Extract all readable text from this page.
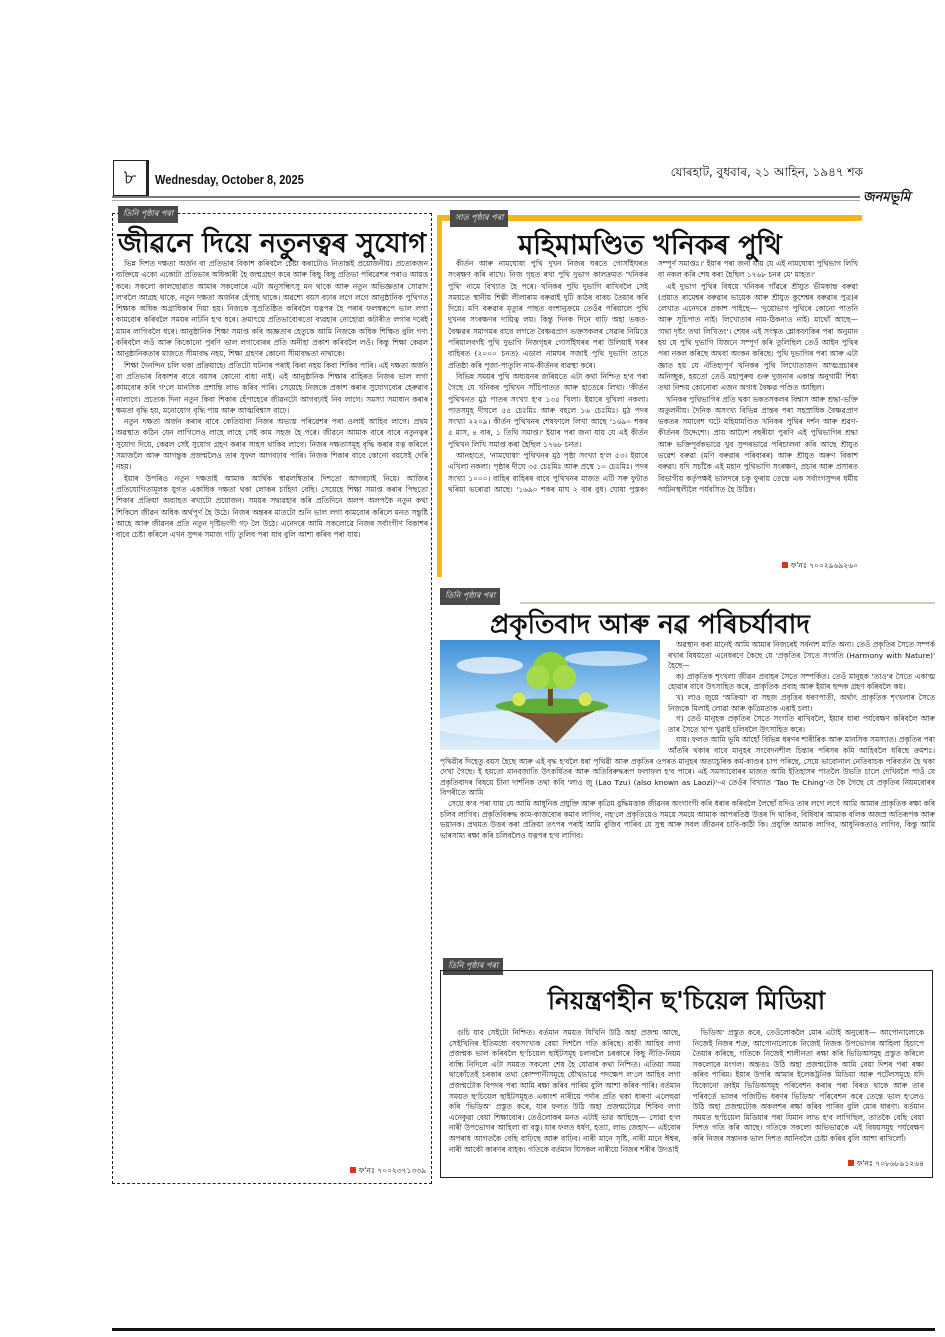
৮	Wednesday, October 8, 2025	যোৰহাট, বুধবাৰ, ২১ আহিন, ১৯৪৭ শক
জনমভূমি
তিনি পৃষ্ঠাৰ পৰা
জীৱনে দিয়ে নতুনত্বৰ সুযোগ

ভিন্ন দিশত দক্ষতা অৰ্জন বা প্ৰতিভাৰ বিকাশ কৰিবলৈ চেষ্টা কৰাটোও নিতান্তই প্ৰয়োজনীয়। প্ৰত্যেকজন ব্যক্তিয়ে একো একোটা প্ৰতিভাৰ অধিকাৰী হৈ জন্মগ্ৰহণ কৰে আৰু কিছু কিছু প্ৰতিভা পৰিৱেশৰ পৰাও আয়ত্ত কৰে। সকলো কালছোৱাত আমাৰ সকলোৰে এটা অনুসন্ধিৎসু মন থাকে আৰু নতুন অভিজ্ঞতাৰ সোৱাদ ল'বলৈ আগ্ৰহ থাকে, নতুন দক্ষতা অৰ্জনৰ হেঁপাহ থাকে। অৱশ্যে বয়স বঢ়াৰ লগে লগে আনুষ্ঠানিক পুথিগত শিক্ষাক অধিক অগ্ৰাধিকাৰ দিয়া হয়। নিজকে সুপ্ৰতিষ্ঠিত কৰিবলৈ যত্নপৰ হৈ পৰাৰ ফলস্বৰূপে ভাল লগা কামবোৰ কৰিবলৈ সময়ৰ নাটনি হ'ব ধৰে। ক্ৰমাৎয়ে প্ৰতিভাবোৰতো ব্যৱহাৰ নোহোৱা কটাৰীত লগাৰ দৰেই মামৰ লাগিবলৈ ধৰে। আনুষ্ঠানিক শিক্ষা সমাপ্ত কৰি অজ্ঞতাৰ হেতুকে আমি নিজকে অধিক শিক্ষিত বুলি গণ্য কৰিবলৈ লওঁ আৰু কিকোনো পুৰণি ভাল লগাবোৰৰ প্ৰতি অনীহা প্ৰকাশ কৰিবলৈ লওঁ। কিন্তু শিক্ষা কেৱল আনুষ্ঠানিকতাৰ মাজতে সীমাবদ্ধ নহয়, শিক্ষা গ্ৰহণৰ কোনো সীমাবদ্ধতা নাথাকে।

শিক্ষা দৈনন্দিন চলি থকা প্ৰক্ৰিয়াহে। প্ৰতিটো ঘটনাৰ পৰাই কিবা নহয় কিবা শিকিব পাৰি। এই দক্ষতা অৰ্জন বা প্ৰতিভাৰ বিকাশৰ বাবে বয়সৰ কোনো বাধা নাই। এই আনুষ্ঠানিক শিক্ষাৰ বাহিৰত নিজৰ ভাল লগা কামবোৰ কৰি গ'লে মানসিক প্ৰশান্তি লাভ কৰিব পাৰি। সেয়েহে নিজকে প্ৰকাশ কৰাৰ সুযোগবোৰ হেৰুৱাব নালাগে। প্ৰত্যেক দিনা নতুন কিবা শিকাৰ হেঁপাহেৰে জীৱনটো আগবঢ়াই নিব লাগে। সমস্যা সমাধান কৰাৰ ক্ষমতা বৃদ্ধি হয়, মনোযোগ বৃদ্ধি পায় আৰু আত্মবিশ্বাস বাঢ়ে।

নতুন দক্ষতা অৰ্জন কৰাৰ বাবে কেতিয়াবা নিজৰ অভ্যস্ত পৰিৱেশৰ পৰা ওলাই আহিব লাগে। প্ৰথম অৱস্থাত কঠিন যেন লাগিলেও লাহে লাহে সেই কাম সহজ হৈ পৰে। জীৱনে আমাক বাৰে বাৰে নতুনত্বৰ সুযোগ দিয়ে, কেৱল সেই সুযোগ গ্ৰহণ কৰাৰ সাহস থাকিব লাগে। নিজৰ দক্ষতাসমূহ বৃদ্ধি কৰাৰ যত্ন কৰিলে সমাজলৈ আৰু আগন্তুক প্ৰজন্মলৈও তাৰ সুফল আগবঢ়াব পাৰি। নিজক শিকাৰ বাবে কোনো বয়সেই দেৰি নহয়।

ইয়াৰ উপৰিও নতুন দক্ষতাই আমাক আৰ্থিক স্বাৱলম্বিতাৰ দিশতো আগবঢ়াই নিয়ে। আজিৰ প্ৰতিযোগিতামূলক যুগত একাধিক দক্ষতা থকা লোকৰ চাহিদা বেছি। সেয়েহে শিক্ষা সমাপ্ত কৰাৰ পিছতো শিকাৰ প্ৰক্ৰিয়া অব্যাহত ৰখাটো প্ৰয়োজন। সময়ৰ সদ্ব্যৱহাৰ কৰি প্ৰতিদিনে অলপ অলপকৈ নতুন কথা শিকিলে জীৱন অধিক অৰ্থপূৰ্ণ হৈ উঠে। নিজৰ অন্তৰৰ মাতটো শুনি ভাল লগা কামবোৰ কৰিলে মনত সন্তুষ্টি আহে আৰু জীৱনৰ প্ৰতি নতুন দৃষ্টিভংগী গঢ় লৈ উঠে। এনেদৰে আমি সকলোৱে নিজৰ সৰ্বাংগীণ বিকাশৰ বাবে চেষ্টা কৰিলে এখন সুন্দৰ সমাজ গঢ়ি তুলিব পৰা যাব বুলি আশা কৰিব পৰা যায়।

ফ'নঃ ৭০০২৩৭১৩৩৯
সাত পৃষ্ঠাৰ পৰা
মহিমামণ্ডিত খনিকৰ পুথি

কীৰ্তন আৰু নামঘোষা পুথি দুখন নিজৰ ঘৰতে গোসাঁইঘৰত সংৰক্ষণ কৰি ৰাখে। নিজ গৃহত ৰখা পুথি দুভাগ কালক্ৰমত 'খনিকৰ পুথি' নামে বিখ্যাত হৈ পৰে। খনিকৰ পুথি দুভাগি ৰাখিবলৈ সেই সময়তে স্থানীয় শিল্পী লীলাৰাম বৰুৱাই দুটি কাঠৰ বাকচ তৈয়াৰ কৰি দিয়ে। মণি বৰুৱাৰ মৃত্যুৰ পাছত বংশানুক্ৰমে তেওঁৰ পৰিয়ালে পুথি দুখনৰ সংৰক্ষণৰ দায়িত্ব লয়। কিন্তু দিনক দিনে বাঢ়ি অহা ভকত-বৈষ্ণৱৰ সমাগমৰ বাবে লগতে বৈষ্ণৱপ্ৰাণ ভক্তসকলৰ সেৱাৰ নিমিত্তে পৰিয়ালবৰ্গই পুথি দুভাগি নিজগৃহৰ গোসাঁইঘৰৰ পৰা উলিয়াই ঘৰৰ বাহিৰত (২০০০ চনত) এডাল নামঘৰ সজাই পুথি দুভাগি তাতে প্ৰতিষ্ঠা কৰি পূজা-পাতুলি নাম-কীৰ্তনৰ ব্যৱস্থা কৰে।

বিভিন্ন সময়ৰ পুথি অধ্যয়নৰ জৰিয়তে এটা কথা নিশ্চিত হ'ব পৰা গৈছে যে খনিকৰ পুথিখন সাঁচিপাতত আৰু হাতেৰে লিখা। 'কীৰ্তন পুথিখনত মুঠ পাতৰ সংখ্যা হ'ব ১৩৫ খিলা। ইয়াৰে দুখিলা নকলা। পাতসমূহ দীঘলে ৫৫ চেঃমিঃ আৰু বহলে ১৬ চেঃমিঃ। মুঠ পদৰ সংখ্যা ২২০৯। কীৰ্তন পুথিখনৰ শেষফালে লিখা আছে '১৬৯০ শকৰ ৫ মাস, ৪ বাৰ, ১ তিথি সমাপ্ত।' ইয়াৰ পৰা জনা যায় যে এই কীৰ্তন পুথিখন লিখি সমাপ্ত কৰা হৈছিল ১৭৬৮ চনত।

আনহাতে, 'নামঘোষা' পুথিখনৰ মুঠ পৃষ্ঠা সংখ্যা হ'ল ৫৩। ইয়াৰে এখিলা নকলা। পৃষ্ঠাৰ দীঘে ৩৫ চেঃমিঃ আৰু প্ৰস্থে ১০ চেঃমিঃ। পদৰ সংখ্যা ১০০০। বাহিৰ বাহিৰৰ বাবে পুথিখনৰ মাজত এটি সৰু ফুটাত থৰিয়া ভৰোৱা আছে। '১৬৯০ শকৰ মাঘ ২ বাৰ বুধ। ঘোষা পুস্তকং সম্পূৰ্ণ সমাপ্তঃ।' ইয়াৰ পৰা জনা যায় যে এই নামঘোষা পুথিভাগ লিখি বা নকল কৰি শেষ কৰা হৈছিল ১৭৬৮ চনৰ মে' মাহত।'

এই দুভাগ পুথিৰ বিষয়ে খনিকৰ গাঁৱৰে শ্ৰীযুত ভীমকান্ত বৰুৱা (প্ৰয়াত ৰামেশ্বৰ বৰুৱাৰ ভায়েক আৰু শ্ৰীযুত কুশেশ্বৰ বৰুৱাৰ পুত্ৰ)ৰ লেখাত এনেদৰে প্ৰকাশ পাইছে— 'দুয়োভাগ পুথিৰে কোনো পাতনি আৰু সূচিপাত নাই। লিখোতাৰ নাম-ঠিকনাও নাই। মাথোঁ আছে— 'যথা দৃষ্টং তথা লিখিতং'। শেষৰ এই সংস্কৃত শ্লোকফাকিৰ পৰা অনুমান হয় যে পুথি দুভাগি যিজনে সম্পূৰ্ণ কৰি তুলিছিল তেওঁ আইন পুথিৰ পৰা নকল কৰিছে অথবা অংকন কৰিছে। পুথি দুভাগিৰ পৰা আৰু এটা জ্ঞাত হয় যে ঐতিহ্যপূৰ্ণ খনিকৰ পুথি লিখোতাজন আত্মপ্ৰচাৰৰ অনিচ্ছুক, হয়তো তেওঁ মহাপুৰুষ গুৰু দুজনাৰ একান্ত অনুগামী শিষ্য তথা নিশ্চয় কোনোবা এজন অগাধ বৈষ্ণৱ পণ্ডিত আছিল।

খনিকৰ পুথিভাগিৰ প্ৰতি থকা ভকতসকলৰ বিশ্বাস আৰু শ্ৰদ্ধা-ভক্তি অতুলনীয়। দৈনিক অসংখ্য বিভিন্ন প্ৰান্তৰ পৰা সহস্ৰাধিক বৈষ্ণৱপ্ৰাণ ভকতৰ সমাবেশ ঘটে মহিমামণ্ডিত খনিকৰ পুথিৰ দৰ্শন আৰু শ্ৰৱণ-কীৰ্তনৰ উদ্দেশ্যে। প্ৰায় আঢ়ৈশ বছৰীয়া পুৰণি এই পুথিভাগিৰ শ্ৰদ্ধা আৰু ভক্তিপূৰ্বকভাৱে খুব সুন্দৰভাৱে পৰিচালনা কৰি আছে শ্ৰীযুত ভৱেশ বৰুৱা (মণি বৰুৱাৰ পৰিবাৰৰ) আৰু শ্ৰীযুত অৰুণ বিকাশ বৰুৱা। যদি সচাঁকৈ এই মহান পুথিভাগি সংৰক্ষণ, প্ৰচাৰ আৰু প্ৰসাৰত বিভাগীয় কৰ্তৃপক্ষই ভালদৰে চকু ফুৰায় তেন্তে এক সৰ্বাংগসুন্দৰ ধৰ্মীয় পৰ্যটনস্থলীলৈ পৰ্যবসিত হৈ উঠিব।

ফ'নঃ ৭০০২৯৬৯২৬০
তিনি পৃষ্ঠাৰ পৰা
প্ৰকৃতিবাদ আৰু নৱ পৰিচৰ্যাবাদ

অৱস্থান কৰা মানেই আমি আমাৰ নিজৰেই সৰ্বনাশ মাতি অনা। তেওঁ প্ৰকৃতিৰ সৈতে সম্পৰ্ক ৰখাৰ বিষয়তো এনেধৰণে কৈছে যে 'প্ৰকৃতিৰ সৈতে সংগতি (Harmony with Nature)' হৈছে—

ক) প্ৰাকৃতিক শৃংখলা জীৱন প্ৰবাহৰ সৈতে সম্পৰ্কিত। তেওঁ মানুহক 'তাও'ৰ সৈতে একাত্ম হোৱাৰ বাবে উৎসাহিত কৰে, প্ৰাকৃতিক প্ৰবাহ আৰু ইয়াৰ ছন্দক গ্ৰহণ কৰিবলৈ কয়।

খ) লাও জুয়ে 'অক্ৰিয়া' বা সহজ প্ৰবৃত্তিৰ ধৰণপাতী, অৰ্থাৎ প্ৰাকৃতিক শৃংখলাৰ সৈতে নিজকে মিলাই লোৱা আৰু কৃত্ৰিমতাক এৰাই চলা।

গ) তেওঁ মানুহক প্ৰকৃতিৰ সৈতে সংগতি ৰাখিবলৈ, ইয়াৰ ধাৰা পৰ্যবেক্ষণ কৰিবলৈ আৰু তাৰ সৈতে খাপ খুৱাই চলিবলৈ উৎসাহিত কৰে।

যায়। ফলত আমি ভূমি আহোঁ বিভিন্ন ধৰণৰ শাৰীৰিক আৰু মানসিক সমস্যাত। প্ৰকৃতিৰ পৰা আঁতৰি থকাৰ বাবে মানুহৰ সংবেদনশীল চিন্তাৰ পৰিসৰ কমি আহিবলৈ ধৰিছে ক্ৰমশঃ। পৃথিৱীৰ দিহেতু বয়স হৈছে আৰু এই বৃদ্ধ হ'বলৈ ধৰা পৃথিৱী আৰু প্ৰকৃতিৰ ওপৰত মানুহৰ অত্যাচুৰিক কৰ্ম-কাণ্ডৰ চাপ পৰিছে, সেয়ে ভাবোনাল নেতিবাচক পৰিবৰ্তন হৈ থকা দেখা গৈছে। ই হয়তো মানবজাতি উৎকৰ্ষিতৰ আৰু অতিবিৰুদ্ধৰূপ ফলাফল হ'ব পাৰে। এই সমস্যাবোৰৰ মাজত আমি ইতিহাসৰ পাতলৈ উভতি চালে দেখিবলৈ পাওঁ যে প্ৰকৃতিবাদৰ বিষয়ে চীনা দাৰ্শনিক তথা কবি 'লাও জু (Lao Tzu) (also known as Laozi)'-এ তেওঁৰ বিখ্যাত 'Tao Te Ching'-ত কৈ গৈছে যে প্ৰকৃতিৰ নিয়মবোৰৰ বিপৰীতে আমি

সেয়ে ক'ব পৰা যায় যে আমি আধুনিক প্ৰযুক্তি আৰু কৃত্ৰিম বুদ্ধিমত্তাক জীৱনৰ অংগাংগী কৰি ধৰাৰ কৰিবলৈ লৈছোঁ যদিও তাৰ লগে লগে আমি আমাৰ প্ৰাকৃতিক ৰক্ষা কৰি চলিব লাগিব। প্ৰকৃতিবিৰুদ্ধ কাম-কাজবোৰ কমাব লাগিব, নহ'লে প্ৰকৃতিয়েও সময়ে সময়ে আমাক আপৰতিষ্ঠ উত্তৰ দি থাকিব, বিধিবাৰ আমাক বলিক অজস্ৰ অতিৰূপক আৰু ভয়ানক। প্ৰথমত উত্তৰ কৰা প্ৰক্ৰিয়া তৎপৰ পৰাই আমি বুজিব পাৰিব যে সুস্থ আৰু সবল জীৱনৰ চাবি-কাঠী কি। প্ৰযুক্তি আমাক লাগিব, আধুনিকতাও লাগিব, কিন্তু আমি ভাৰসাম্য ৰক্ষা কৰি চলিবলৈও যত্নপৰ হ'ব লাগিব।

তিনি পৃষ্ঠাৰ পৰা
নিয়ন্ত্ৰণহীন ছ'চিয়েল মিডিয়া

গুচি যাব সেইটো নিশ্চিত। বৰ্তমান সময়ত যিখিনি উঠি অহা প্ৰজন্ম আছে, সেইখিনিৰ ইতিমধ্যে বহুসংখ্যক বেয়া দিশলৈ গতি কৰিছে। বাকী আহিব লগা প্ৰজন্মক ভাল কৰিবলৈ ছ'চিয়েল ছাইটসমূহ চলাবলৈ চৰকাৰে কিছু নীতি-নিয়ম বান্ধি নিদিলে এটা সময়ত সকলো শেষ হৈ যোৱাৰ কথা নিশ্চিত। এতিয়া সময় থাকোঁতেই চৰকাৰ তথা কোম্পানীসমূহে যৌথভাৱে পদক্ষেপ ল'লে আহিব লগা প্ৰজন্মটোক বিপদৰ পৰা আমি ৰক্ষা কৰিব পাৰিম বুলি আশা কৰিব পাৰি। বৰ্তমান সময়ত ছ'চিয়েল ছাইটসমূহত একাংশ নাৰীয়ে পৰ্দাৰ প্ৰতি থকা ধাৰণা এলেহুৱা কৰি 'ভিডিঅ' প্ৰস্তুত কৰে, যাৰ ফলত উঠি অহা প্ৰজন্মটোৱে শিকিব লগা এনেকুৱা বেয়া শিক্ষাবোৰ। তেওঁলোকৰ মনত এটাই ভাৱ আহিছে— সোৱা হ'ল নাৰী উপভোগৰ আহিলা বা বস্তু। যাৰ ফলত ধৰ্ষণ, হত্যা, লাভ জেহাদ— এইবোৰ অপৰাধ আগতকৈ বেছি বাঢ়িছে আৰু বাঢ়িব। নাৰী মানে সৃষ্টি, নাৰী মানে ঈশ্বৰ, নাৰী আকৌ কাৰণৰ বাহক। গতিকে বৰ্তমান যিসকল নাৰীয়ে নিজৰ শৰীৰ উদঙাই

ভিডিঅ' প্ৰস্তুত কৰে, তেওঁলোকলৈ মোৰ এটাই অনুৰোধ— আপোনালোকে নিজেই নিজৰ শত্ৰু, আপোনালোকে নিজেই নিজক উপভোগৰ আহিলা হিচাপে তৈয়াৰ কৰিছে, গতিকে নিজেই শালীনতা ৰক্ষা কৰি ভিডিঅসমূহ প্ৰস্তুত কৰিলে সকলোৰে মংগল। অন্ততঃ উঠি অহা প্ৰজন্মটোক আমি বেয়া দিশৰ পৰা ৰক্ষা কৰিব পাৰিম। ইয়াৰ উপৰি আমাৰ ইলেকট্ৰনিক মিডিয়া আৰু পৰ্টেলসমূহে যদি যিকোনো ক্ৰাইম ভিডিঅসমূহ পৰিবেশন কৰাৰ পৰা বিৰত থাকে আৰু তাৰ পৰিবৰ্তে ভালৰ পজিটিভ ধৰণৰ ভিডিঅ' পৰিবেশন কৰে তেন্তে ভাল হ'লেও উঠি অহা প্ৰজন্মটোক অকলশৰ ৰক্ষা কৰিব পাৰিব বুলি মোৰ ধাৰণা। বৰ্তমান সময়ত ছ'চিয়েল মিডিয়াৰ পৰা যিমান লাভ হ'ব লাগিছিল, তাতকৈ বেছি বেয়া দিশত গতি কৰি আছে। গতিকে সকলো অভিভাৱকে এই বিষয়সমূহ পৰ্যবেক্ষণ কৰি নিজৰ সন্তানক ভাল দিশত আনিবলৈ চেষ্টা কৰিব বুলি আশা ৰাখিলোঁ।

ফ'নঃ ৭০৮৬৮৯১২৬৪
